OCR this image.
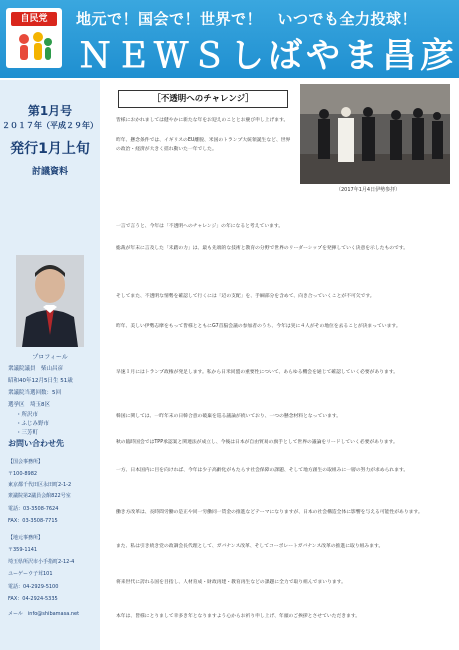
自民党	地元で！国会で！世界で！　いつでも全力投球！
ＮＥＷＳしばやま昌彦
第1月号
２０１７年（平成２９年）
発行1月上旬
討議資料
プロフィール
衆議院議員　柴山昌彦
昭和40年12月5日生 51歳
衆議院当選回数：5回
選挙区　埼玉8区
・所沢市
・ふじみ野市
・三芳町
お問い合わせ先
【国会事務所】
〒100-8982
東京都千代田区永田町2-1-2
衆議院第2議員会館822号室
電話：03-3508-7624
FAX：03-3508-7715
【地元事務所】
〒359-1141
埼玉県所沢市小手指町2-12-4
ユーゲーウ子茸101
電話：04-2929-5100
FAX：04-2924-5335
メール　info@shibamasa.net
［不透明へのチャレンジ］
（2017年1月4日伊勢参拝）
皆様におかれましては健やかに新たな年をお迎えのこととお慶び申し上げます。
昨年、懸念条件では、イギリスのEU離脱、米国のトランプ大統領誕生など、世界の政治・経済が大きく揺れ動いた一年でした。
一言で言うと、今年は「不透明へのチャレンジ」の年になると考えています。
総裁が年末に言及した「未踏の力」は、最も先端的な技術と教育の分野で世界のリーダーシップを発揮していく決意を示したものです。
そしてまた、不透明な情勢を確認して行くには「辺の支配」を、手綱部分を含めて、向き合っていくことが不可欠です。
昨年、美しい伊勢志摩をもって皆様とともにG7首脳会議の参加者のうち、今年は実に４人がその地位を去ることが決まっています。
早速１月にはトランプ政権が発足します。私から日米同盟の重要性について、あらゆる機会を通じて確認していく必要があります。
韓国に関しては、一昨年末の日韓合意の破棄を巡る議論が続いており、一つの懸念材料となっています。
秋の臨時国会ではTPP承認案と関連法が成立し、今後は日本が自由貿易の旗手として世界の議論をリードしていく必要があります。
一方、日本国内に目を向ければ、今年は少子高齢化がもたらす社会保障の課題、そして地方創生の取組みに一層の努力が求められます。
働き方改革は、長時間労働の是正や同一労働同一賃金の推進などテーマになりますが、日本の社会構造全体に影響を与える可能性があります。
また、私は引き続き党の政調会長代理として、ガバナンス改革、そしてコーポレートガバナンス改革の推進に取り組みます。
将来世代に誇れる国を目指し、人材育成・財政再建・教育再生などの課題に全力で取り組んでまいります。
本年は、皆様にとりまして幸多き年となりますよう心からお祈り申し上げ、年頭のご挨拶とさせていただきます。
